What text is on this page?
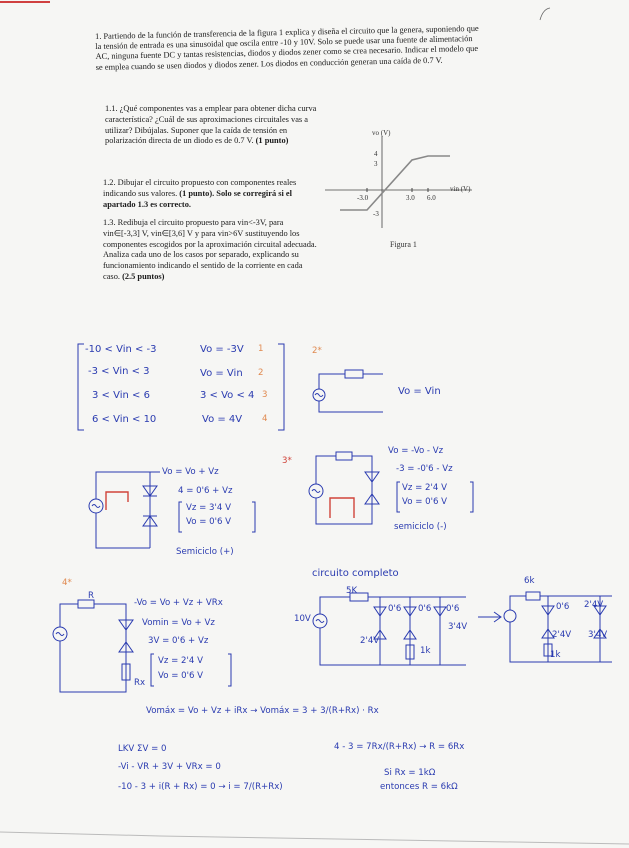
1. Partiendo de la función de transferencia de la figura 1 explica y diseña el circuito que la genera, suponiendo que la tensión de entrada es una sinusoidal que oscila entre -10 y 10V. Solo se puede usar una fuente de alimentación AC, ninguna fuente DC y tantas resistencias, diodos y diodos zener como se crea necesario. Indicar el modelo que se emplea cuando se usen diodos y diodos zener. Los diodos en conducción generan una caída de 0.7 V.

1.1. ¿Qué componentes vas a emplear para obtener dicha curva característica? ¿Cuál de sus aproximaciones circuitales vas a utilizar? Dibújalas. Suponer que la caída de tensión en polarización directa de un diodo es de 0.7 V. (1 punto)
1.2. Dibujar el circuito propuesto con componentes reales indicando sus valores. (1 punto). Solo se corregirá si el apartado 1.3 es correcto.
1.3. Redibuja el circuito propuesto para vin<-3V, para vin∈[-3,3] V, vin∈[3,6] V y para vin>6V sustituyendo los componentes escogidos por la aproximación circuital adecuada. Analiza cada uno de los casos por separado, explicando su funcionamiento indicando el sentido de la corriente en cada caso. (2.5 puntos)
vo (V)
vin (V)
4
3
-3
3.0 6.0
-3.0
Figura 1
-10 < Vin < -3	Vo = -3V 1
-3 < Vin < 3	Vo = Vin 2
3 < Vin < 6	3 < Vo < 4 3
6 < Vin < 10	Vo = 4V 4
2*
Vo = Vin
Vo = Vo + Vz
4 = 0'6 + Vz
Vz = 3'4 V
Vo = 0'6 V
Semiciclo (+)
3*
Vo = -Vo - Vz
-3 = -0'6 - Vz
Vz = 2'4 V
Vo = 0'6 V
semiciclo (-)
4*
R
Rx
-Vo = Vo + Vz + VRx
Vomin = Vo + Vz
3V = 0'6 + Vz
Vz = 2'4 V
Vo = 0'6 V
circuito completo
5K
10V
0'6 0'6 0'6
2'4V
3'4V
1k
6k
0'6 2'4V
2'4V 3'4V
1k
Vomáx = Vo + Vz + iRx → Vomáx = 3 + 3/(R+Rx) · Rx
LKV ΣV = 0
-Vi - VR + 3V + VRx = 0
-10 - 3 + i(R + Rx) = 0 → i = 7/(R+Rx)
4 - 3 = 7Rx/(R+Rx) → R = 6Rx
Si Rx = 1kΩ
entonces R = 6kΩ
